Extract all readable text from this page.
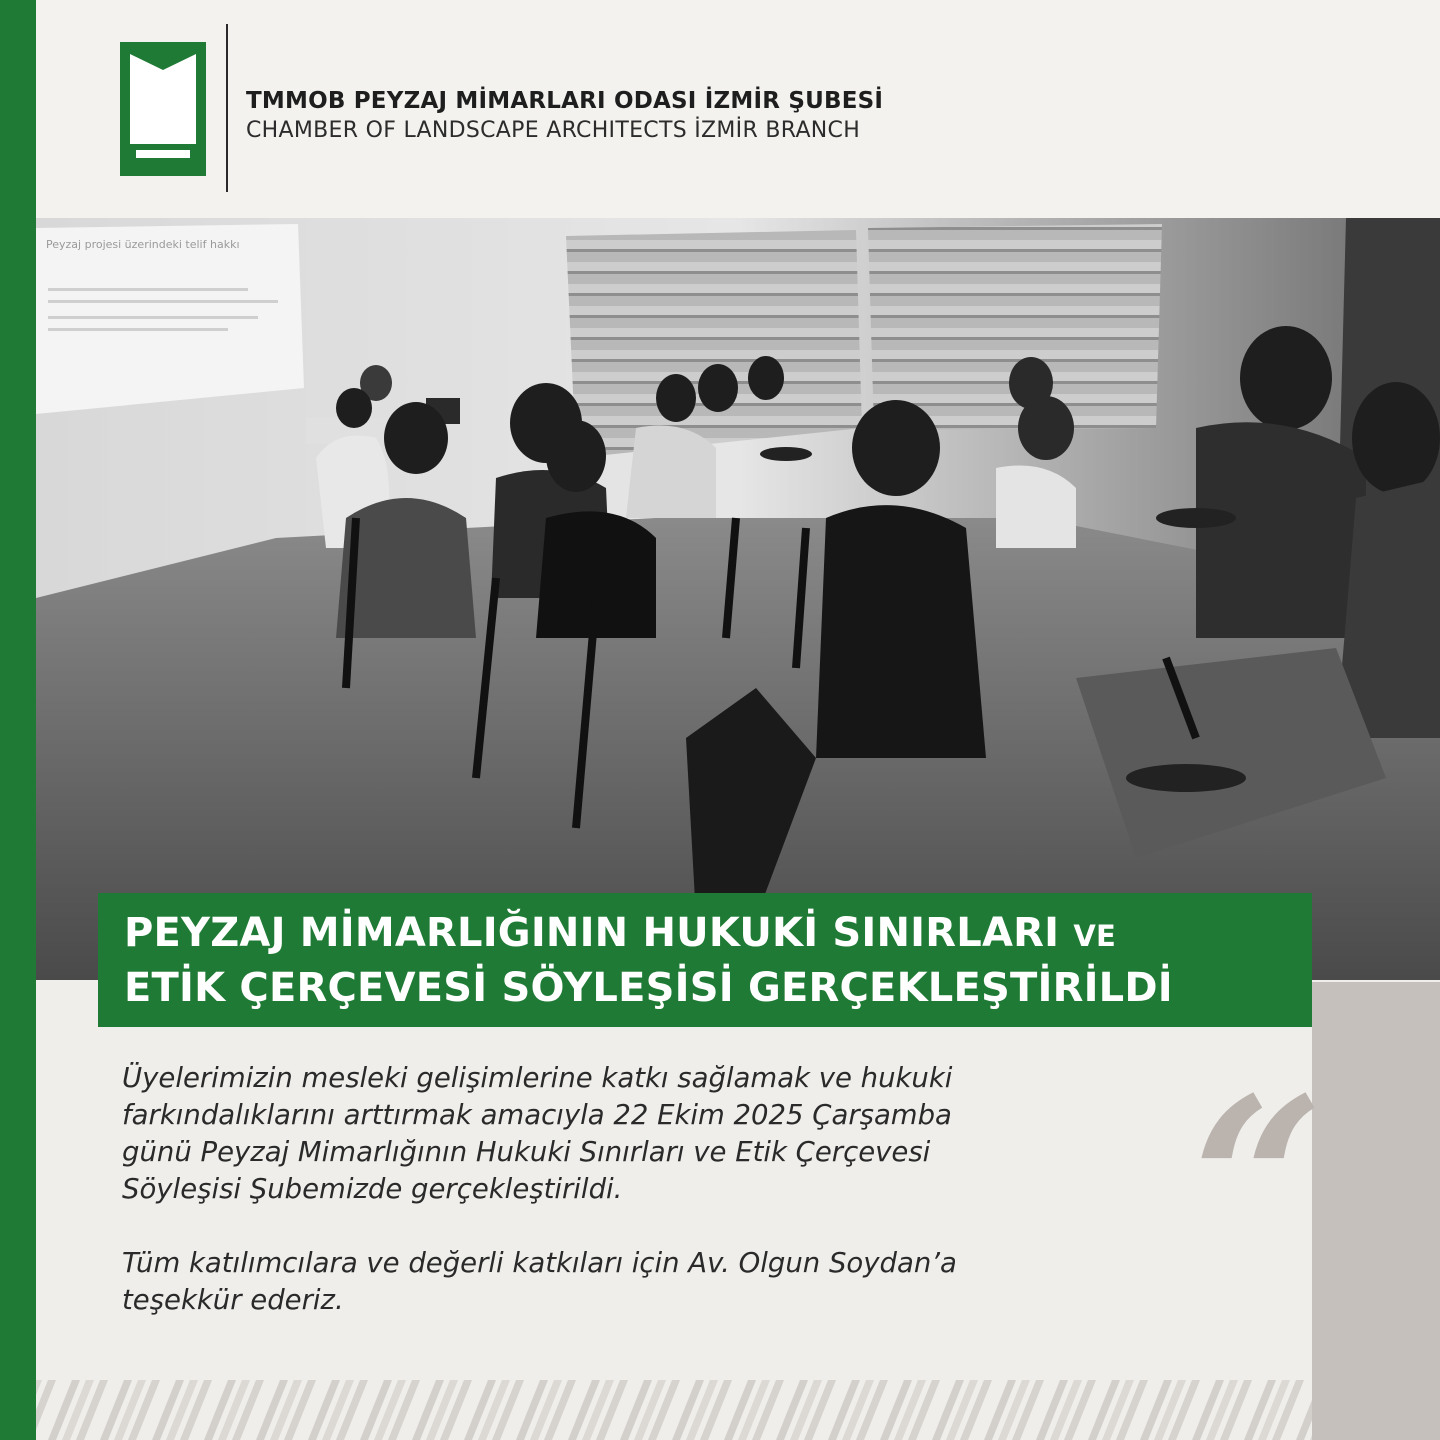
TMMOB PEYZAJ MİMARLARI ODASI İZMİR ŞUBESİ
CHAMBER OF LANDSCAPE ARCHITECTS İZMİR BRANCH
Peyzaj projesi üzerindeki telif hakkı
“
PEYZAJ MİMARLIĞININ HUKUKİ SINIRLARI VE
ETİK ÇERÇEVESİ SÖYLEŞİSİ GERÇEKLEŞTİRİLDİ

Üyelerimizin mesleki gelişimlerine katkı sağlamak ve hukuki
farkındalıklarını arttırmak amacıyla 22 Ekim 2025 Çarşamba
günü Peyzaj Mimarlığının Hukuki Sınırları ve Etik Çerçevesi
Söyleşisi Şubemizde gerçekleştirildi.

Tüm katılımcılara ve değerli katkıları için Av. Olgun Soydan’a
teşekkür ederiz.
